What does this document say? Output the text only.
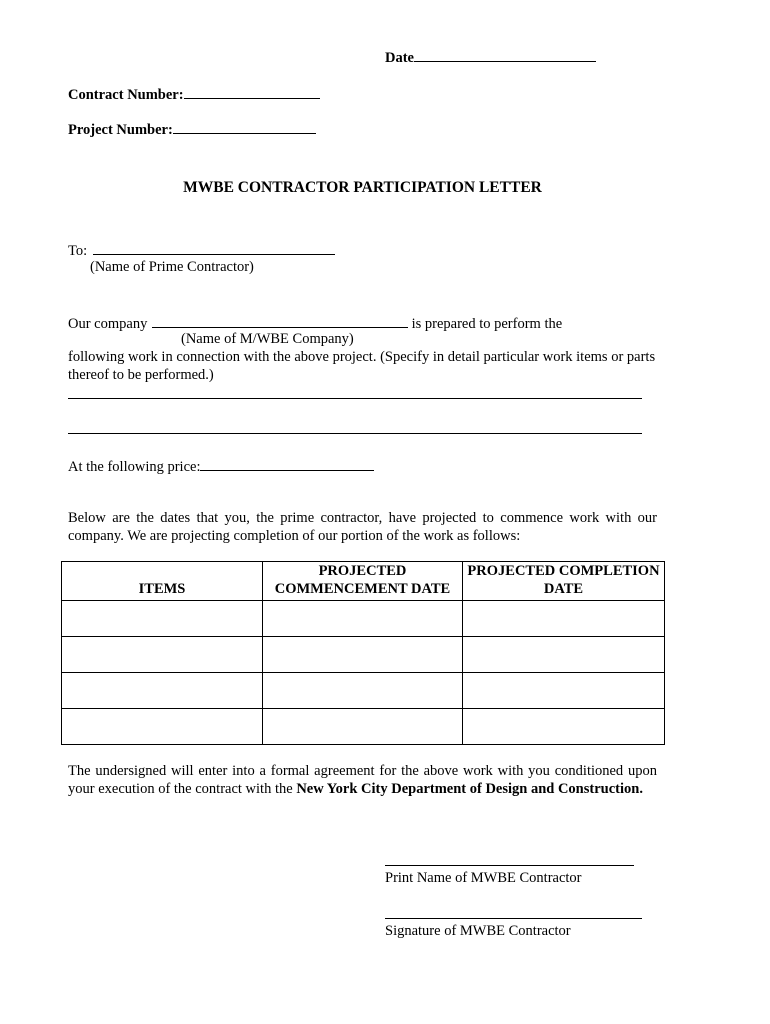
Date
Contract Number:
Project Number:
MWBE CONTRACTOR PARTICIPATION LETTER
To:
(Name of Prime Contractor)
Our company	is prepared to perform the
(Name of M/WBE Company)
following work in connection with the above project. (Specify in detail particular work items or parts thereof to be performed.)
At the following price:
Below are the dates that you, the prime contractor, have projected to commence work with our company. We are projecting completion of our portion of the work as follows:
ITEMS	PROJECTED COMMENCEMENT DATE	PROJECTED COMPLETION DATE

The undersigned will enter into a formal agreement for the above work with you conditioned upon your execution of the contract with the New York City Department of Design and Construction.
Print Name of MWBE Contractor
Signature of MWBE Contractor
